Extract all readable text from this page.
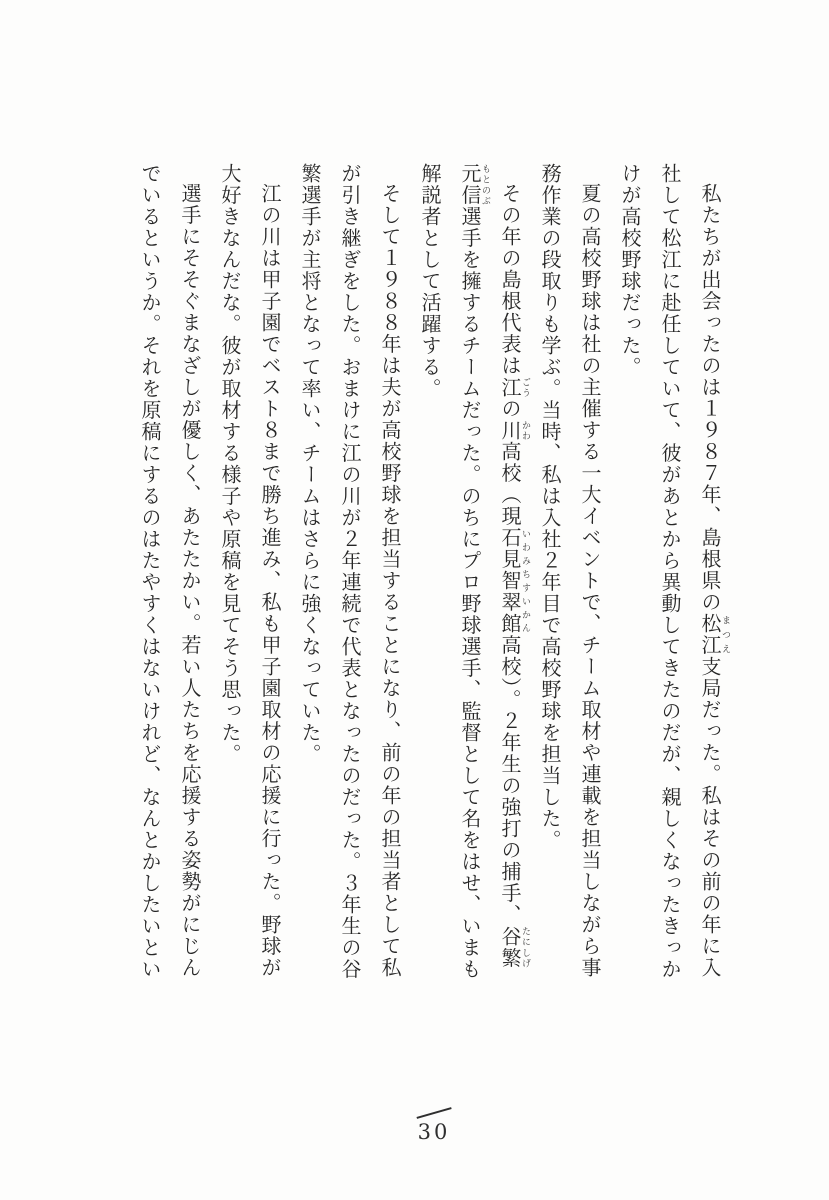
私たちが出会ったのは１９８７年、島根県の松江まつえ支局だった。私はその前の年に入社して松江に赴任していて、彼があとから異動してきたのだが、親しくなったきっかけが高校野球だった。

夏の高校野球は社の主催する一大イベントで、チーム取材や連載を担当しながら事務作業の段取りも学ぶ。当時、私は入社２年目で高校野球を担当した。

その年の島根代表は江ごうの川かわ高校（現石見智翠館いわみちすいかん高校）。２年生の強打の捕手、谷繁たにしげ元信もとのぶ選手を擁するチームだった。のちにプロ野球選手、監督として名をはせ、いまも解説者として活躍する。

そして１９８８年は夫が高校野球を担当することになり、前の年の担当者として私が引き継ぎをした。おまけに江の川が２年連続で代表となったのだった。３年生の谷繁選手が主将となって率い、チームはさらに強くなっていた。

江の川は甲子園でベスト８まで勝ち進み、私も甲子園取材の応援に行った。野球が大好きなんだな。彼が取材する様子や原稿を見てそう思った。

選手にそそぐまなざしが優しく、あたたかい。若い人たちを応援する姿勢がにじんでいるというか。それを原稿にするのはたやすくはないけれど、なんとかしたいとい

30
